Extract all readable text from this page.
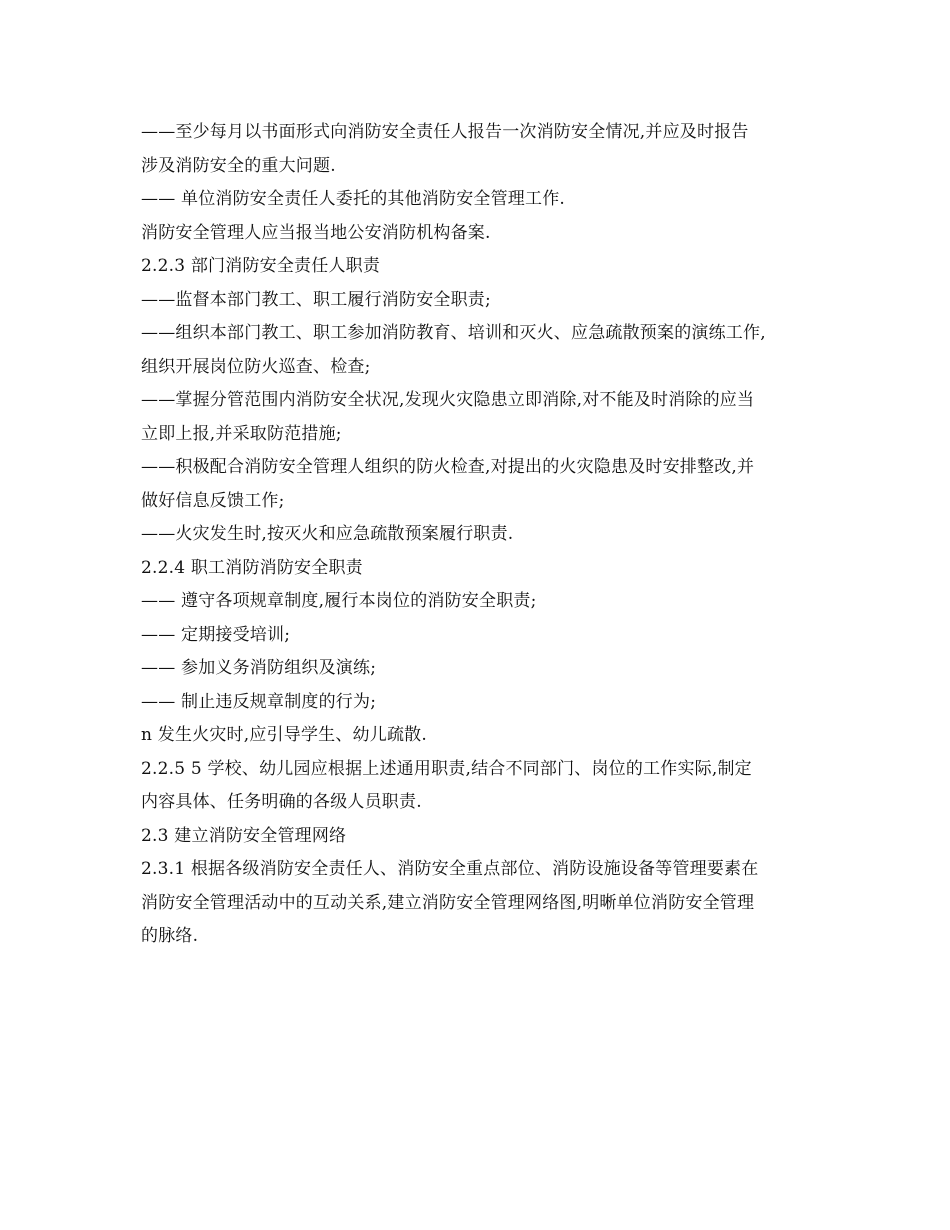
——至少每月以书面形式向消防安全责任人报告一次消防安全情况,并应及时报告
涉及消防安全的重大问题.
—— 单位消防安全责任人委托的其他消防安全管理工作.
消防安全管理人应当报当地公安消防机构备案.
2.2.3 部门消防安全责任人职责
——监督本部门教工、职工履行消防安全职责;
——组织本部门教工、职工参加消防教育、培训和灭火、应急疏散预案的演练工作,
组织开展岗位防火巡查、检查;
——掌握分管范围内消防安全状况,发现火灾隐患立即消除,对不能及时消除的应当
立即上报,并采取防范措施;
——积极配合消防安全管理人组织的防火检查,对提出的火灾隐患及时安排整改,并
做好信息反馈工作;
——火灾发生时,按灭火和应急疏散预案履行职责.
2.2.4 职工消防消防安全职责
—— 遵守各项规章制度,履行本岗位的消防安全职责;
—— 定期接受培训;
—— 参加义务消防组织及演练;
—— 制止违反规章制度的行为;
n 发生火灾时,应引导学生、幼儿疏散.
2.2.5 5 学校、幼儿园应根据上述通用职责,结合不同部门、岗位的工作实际,制定
内容具体、任务明确的各级人员职责.
2.3 建立消防安全管理网络
2.3.1 根据各级消防安全责任人、消防安全重点部位、消防设施设备等管理要素在
消防安全管理活动中的互动关系,建立消防安全管理网络图,明晰单位消防安全管理
的脉络.
